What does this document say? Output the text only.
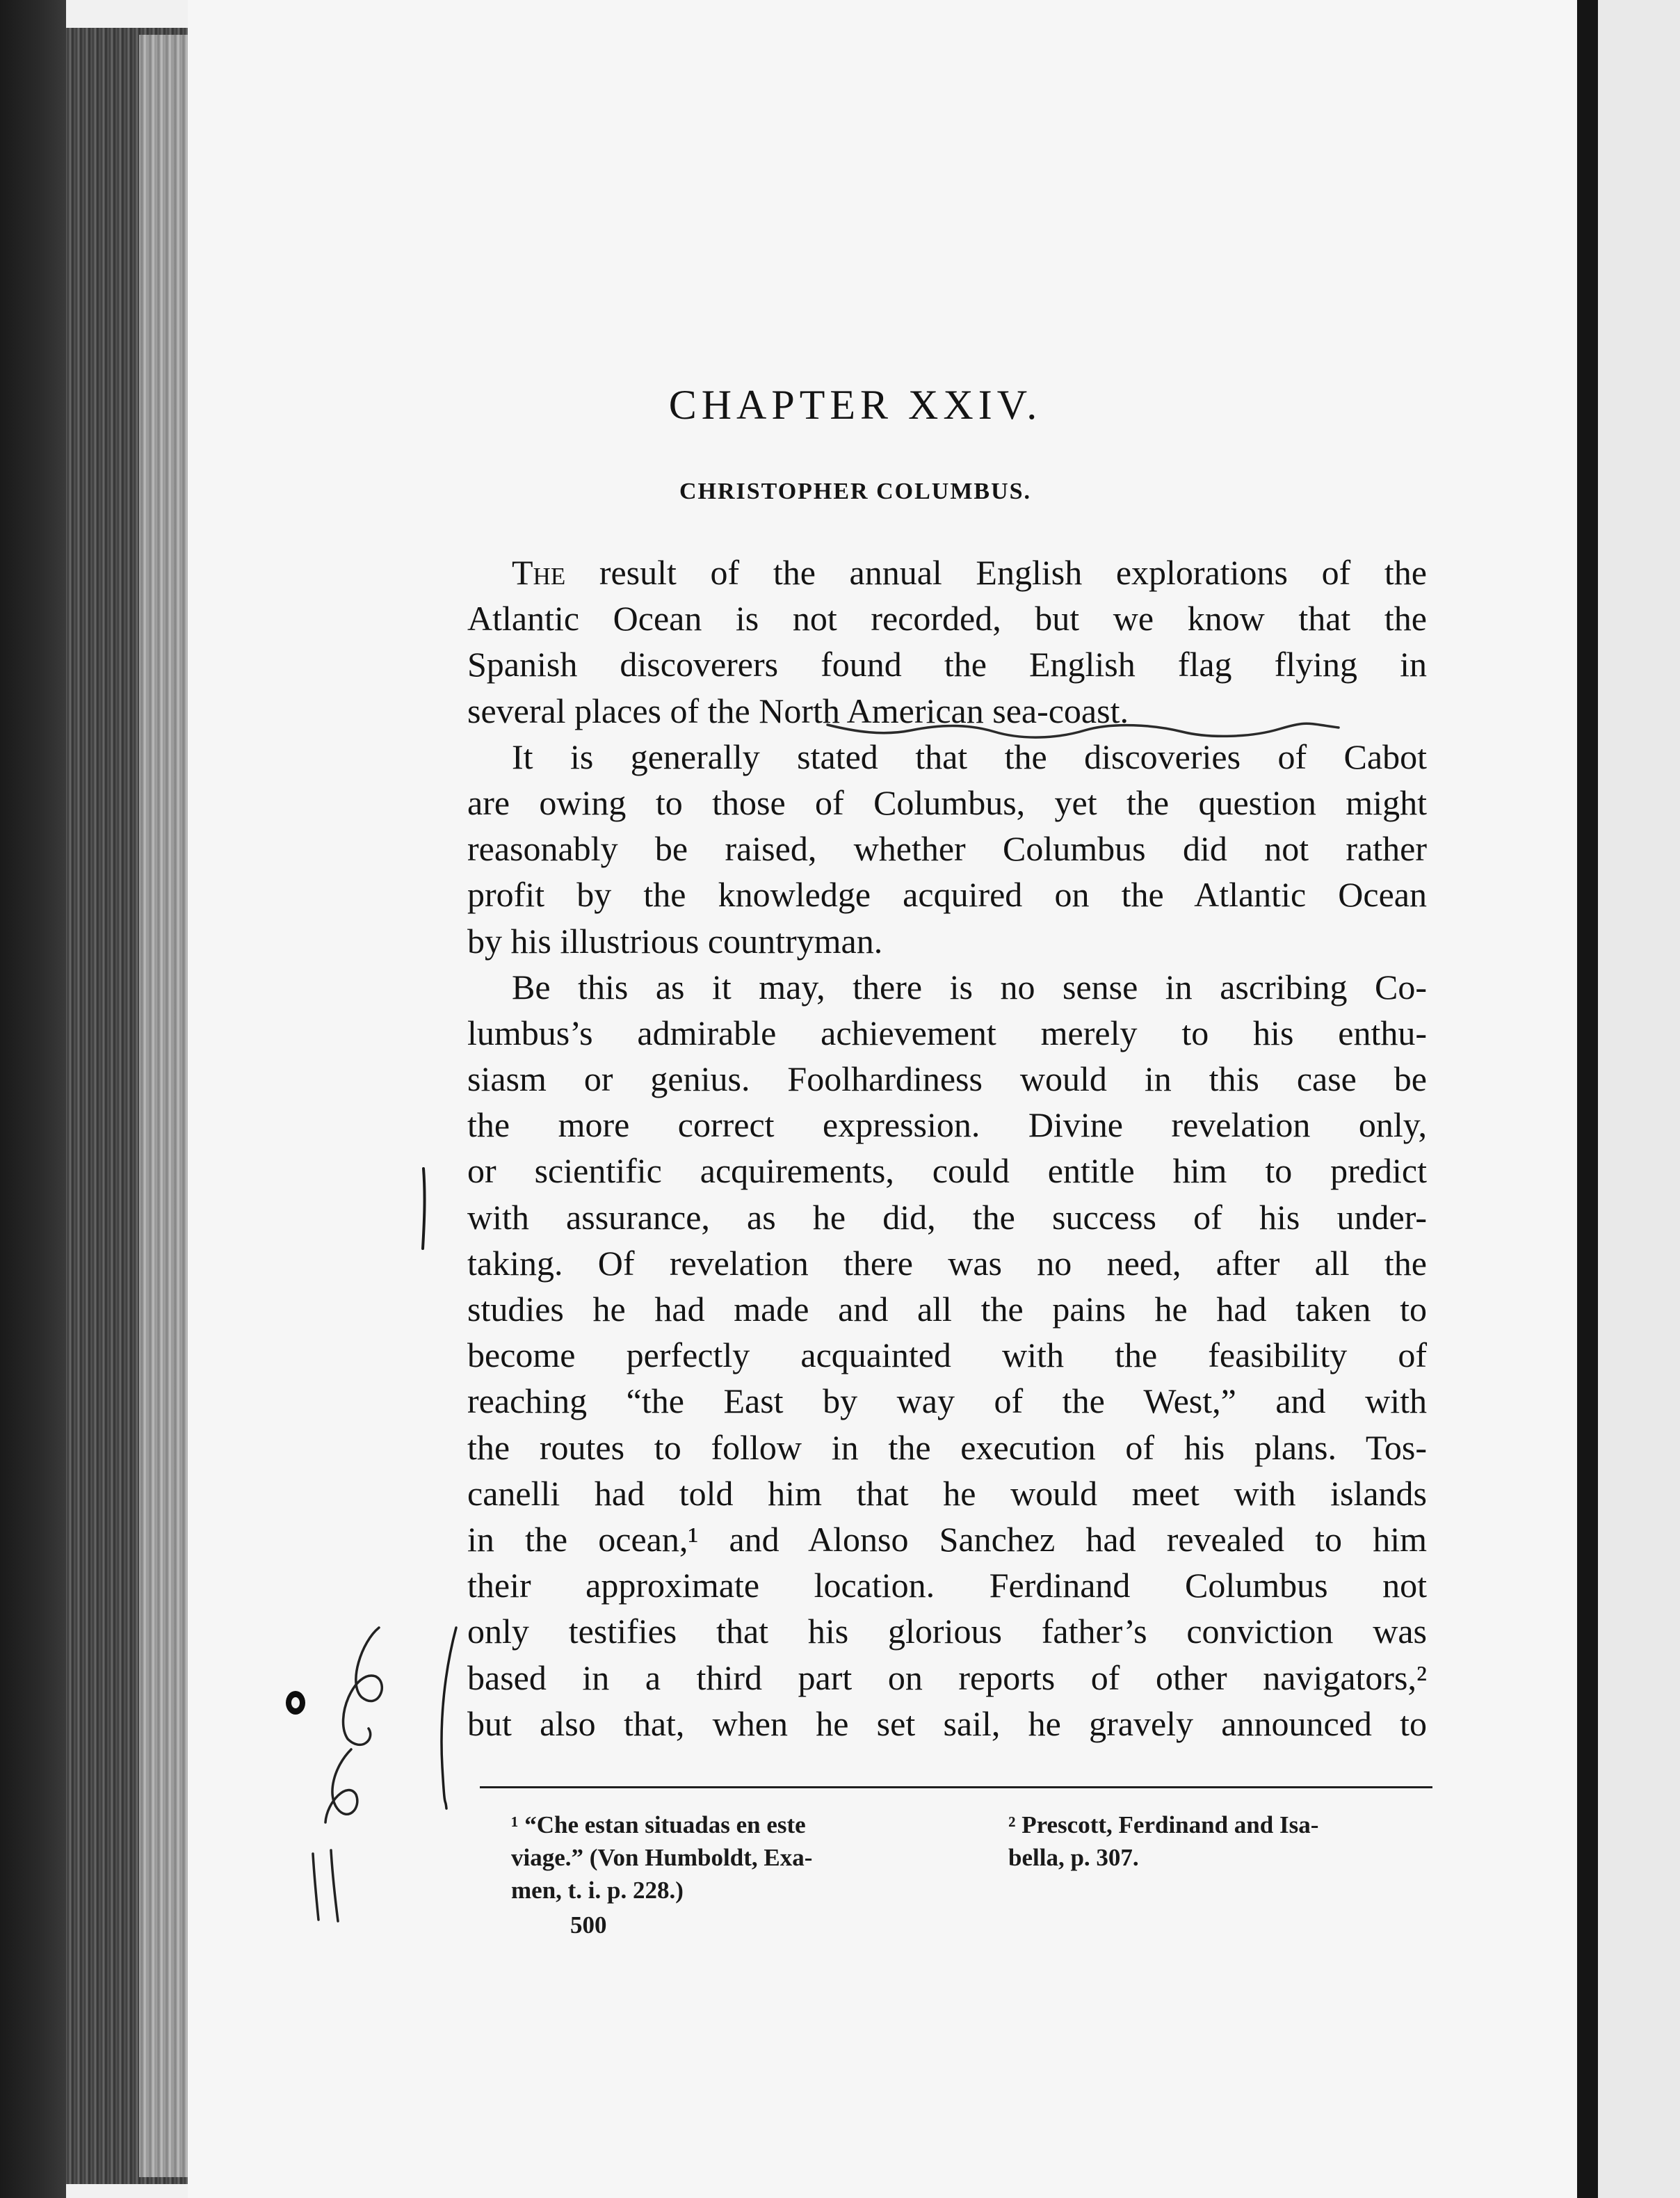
CHAPTER XXIV.
CHRISTOPHER COLUMBUS.
The result of the annual English explorations of the
Atlantic Ocean is not recorded, but we know that the
Spanish discoverers found the English flag flying in
several places of the North American sea-coast.
It is generally stated that the discoveries of Cabot
are owing to those of Columbus, yet the question might
reasonably be raised, whether Columbus did not rather
profit by the knowledge acquired on the Atlantic Ocean
by his illustrious countryman.
Be this as it may, there is no sense in ascribing Co-
lumbus’s admirable achievement merely to his enthu-
siasm or genius. Foolhardiness would in this case be
the more correct expression. Divine revelation only,
or scientific acquirements, could entitle him to predict
with assurance, as he did, the success of his under-
taking. Of revelation there was no need, after all the
studies he had made and all the pains he had taken to
become perfectly acquainted with the feasibility of
reaching “the East by way of the West,” and with
the routes to follow in the execution of his plans. Tos-
canelli had told him that he would meet with islands
in the ocean,¹ and Alonso Sanchez had revealed to him
their approximate location. Ferdinand Columbus not
only testifies that his glorious father’s conviction was
based in a third part on reports of other navigators,²
but also that, when he set sail, he gravely announced to
¹ “Che estan situadas en este
viage.” (Von Humboldt, Exa-
men, t. i. p. 228.)
² Prescott, Ferdinand and Isa-
bella, p. 307.
500
